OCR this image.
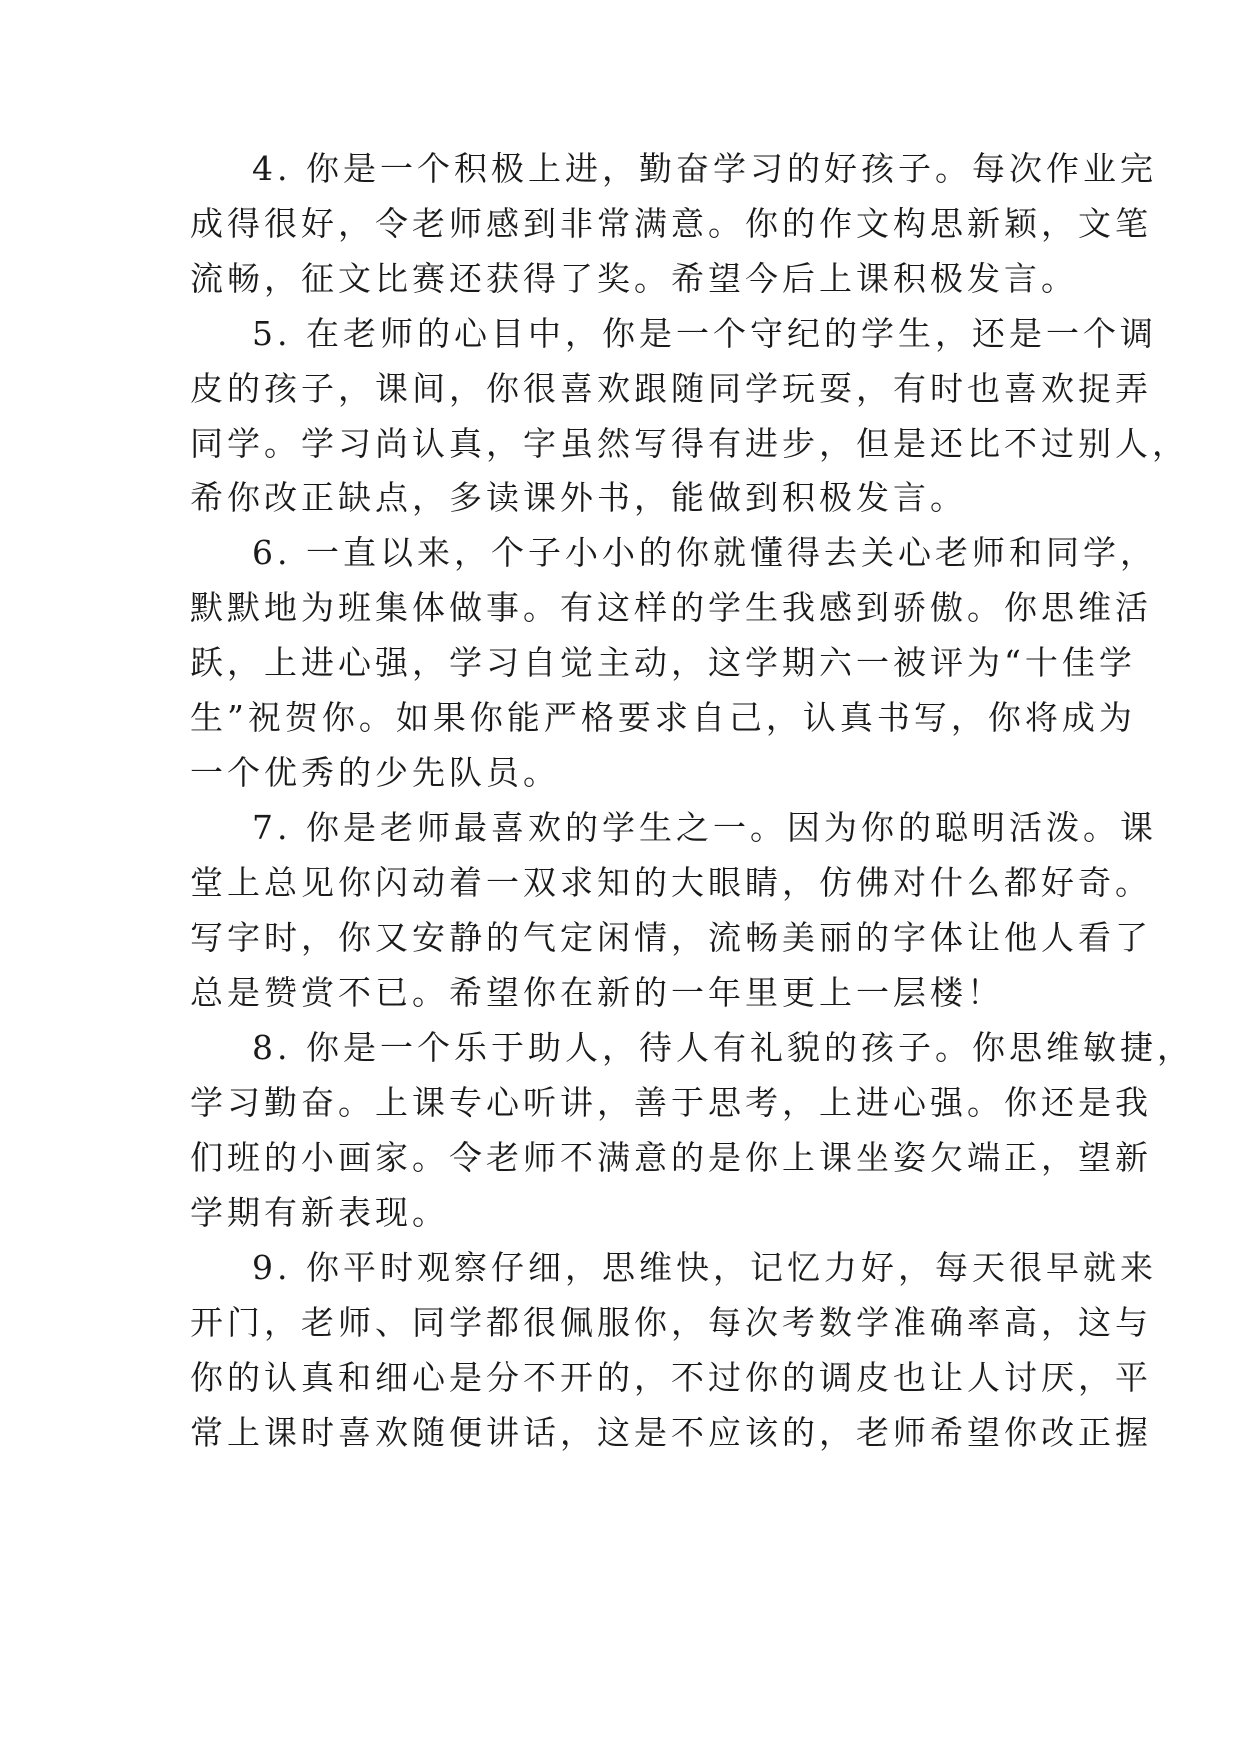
4. 你是一个积极上进，勤奋学习的好孩子。每次作业完
成得很好，令老师感到非常满意。你的作文构思新颖，文笔
流畅，征文比赛还获得了奖。希望今后上课积极发言。
5. 在老师的心目中，你是一个守纪的学生，还是一个调
皮的孩子，课间，你很喜欢跟随同学玩耍，有时也喜欢捉弄
同学。学习尚认真，字虽然写得有进步，但是还比不过别人，
希你改正缺点，多读课外书，能做到积极发言。
6. 一直以来，个子小小的你就懂得去关心老师和同学，
默默地为班集体做事。有这样的学生我感到骄傲。你思维活
跃，上进心强，学习自觉主动，这学期六一被评为“十佳学
生”祝贺你。如果你能严格要求自己，认真书写，你将成为
一个优秀的少先队员。
7. 你是老师最喜欢的学生之一。因为你的聪明活泼。课
堂上总见你闪动着一双求知的大眼睛，仿佛对什么都好奇。
写字时，你又安静的气定闲情，流畅美丽的字体让他人看了
总是赞赏不已。希望你在新的一年里更上一层楼！
8. 你是一个乐于助人，待人有礼貌的孩子。你思维敏捷，
学习勤奋。上课专心听讲，善于思考，上进心强。你还是我
们班的小画家。令老师不满意的是你上课坐姿欠端正，望新
学期有新表现。
9. 你平时观察仔细，思维快，记忆力好，每天很早就来
开门，老师、同学都很佩服你，每次考数学准确率高，这与
你的认真和细心是分不开的，不过你的调皮也让人讨厌，平
常上课时喜欢随便讲话，这是不应该的，老师希望你改正握
